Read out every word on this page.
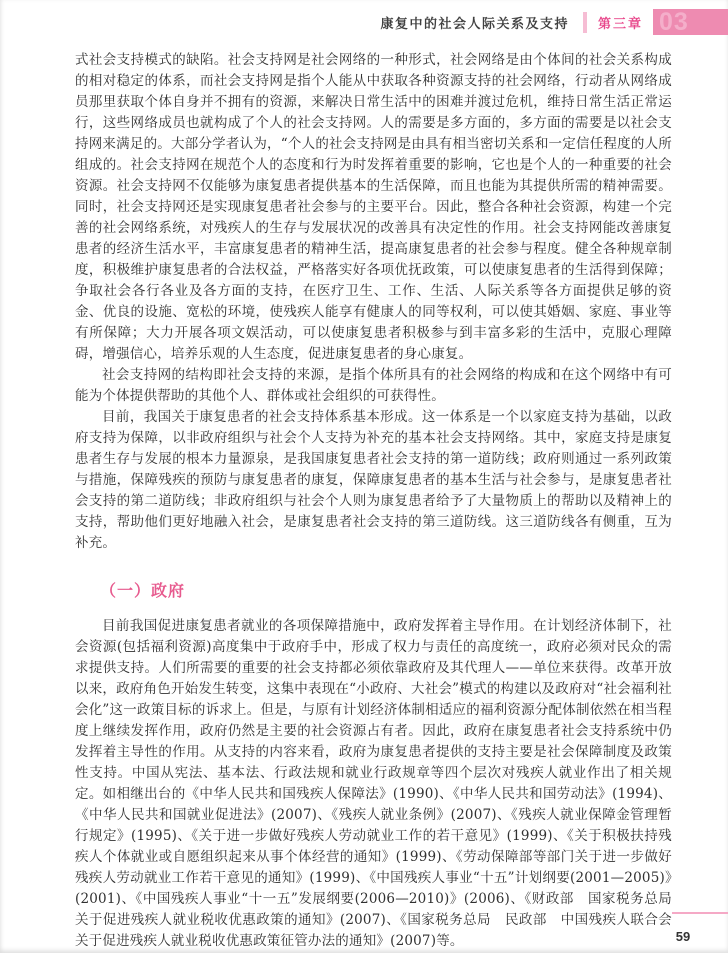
康复中的社会人际关系及支持 第三章 03

式社会支持模式的缺陷。社会支持网是社会网络的一种形式，社会网络是由个体间的社会关系构成的相对稳定的体系，而社会支持网是指个人能从中获取各种资源支持的社会网络，行动者从网络成员那里获取个体自身并不拥有的资源，来解决日常生活中的困难并渡过危机，维持日常生活正常运行，这些网络成员也就构成了个人的社会支持网。人的需要是多方面的，多方面的需要是以社会支持网来满足的。大部分学者认为，“个人的社会支持网是由具有相当密切关系和一定信任程度的人所组成的。社会支持网在规范个人的态度和行为时发挥着重要的影响，它也是个人的一种重要的社会资源。社会支持网不仅能够为康复患者提供基本的生活保障，而且也能为其提供所需的精神需要。同时，社会支持网还是实现康复患者社会参与的主要平台。因此，整合各种社会资源，构建一个完善的社会网络系统，对残疾人的生存与发展状况的改善具有决定性的作用。社会支持网能改善康复患者的经济生活水平，丰富康复患者的精神生活，提高康复患者的社会参与程度。健全各种规章制度，积极维护康复患者的合法权益，严格落实好各项优抚政策，可以使康复患者的生活得到保障；争取社会各行各业及各方面的支持，在医疗卫生、工作、生活、人际关系等各方面提供足够的资金、优良的设施、宽松的环境，使残疾人能享有健康人的同等权利，可以使其婚姻、家庭、事业等有所保障；大力开展各项文娱活动，可以使康复患者积极参与到丰富多彩的生活中，克服心理障碍，增强信心，培养乐观的人生态度，促进康复患者的身心康复。

社会支持网的结构即社会支持的来源，是指个体所具有的社会网络的构成和在这个网络中有可能为个体提供帮助的其他个人、群体或社会组织的可获得性。

目前，我国关于康复患者的社会支持体系基本形成。这一体系是一个以家庭支持为基础，以政府支持为保障，以非政府组织与社会个人支持为补充的基本社会支持网络。其中，家庭支持是康复患者生存与发展的根本力量源泉，是我国康复患者社会支持的第一道防线；政府则通过一系列政策与措施，保障残疾的预防与康复患者的康复，保障康复患者的基本生活与社会参与，是康复患者社会支持的第二道防线；非政府组织与社会个人则为康复患者给予了大量物质上的帮助以及精神上的支持，帮助他们更好地融入社会，是康复患者社会支持的第三道防线。这三道防线各有侧重，互为补充。

（一）政府

目前我国促进康复患者就业的各项保障措施中，政府发挥着主导作用。在计划经济体制下，社会资源(包括福利资源)高度集中于政府手中，形成了权力与责任的高度统一，政府必须对民众的需求提供支持。人们所需要的重要的社会支持都必须依靠政府及其代理人——单位来获得。改革开放以来，政府角色开始发生转变，这集中表现在“小政府、大社会”模式的构建以及政府对“社会福利社会化”这一政策目标的诉求上。但是，与原有计划经济体制相适应的福利资源分配体制依然在相当程度上继续发挥作用，政府仍然是主要的社会资源占有者。因此，政府在康复患者社会支持系统中仍发挥着主导性的作用。从支持的内容来看，政府为康复患者提供的支持主要是社会保障制度及政策性支持。中国从宪法、基本法、行政法规和就业行政规章等四个层次对残疾人就业作出了相关规定。如相继出台的《中华人民共和国残疾人保障法》(1990)、《中华人民共和国劳动法》(1994)、《中华人民共和国就业促进法》(2007)、《残疾人就业条例》(2007)、《残疾人就业保障金管理暂行规定》(1995)、《关于进一步做好残疾人劳动就业工作的若干意见》(1999)、《关于积极扶持残疾人个体就业或自愿组织起来从事个体经营的通知》(1999)、《劳动保障部等部门关于进一步做好残疾人劳动就业工作若干意见的通知》(1999)、《中国残疾人事业“十五”计划纲要(2001—2005)》(2001)、《中国残疾人事业“十一五”发展纲要(2006—2010)》(2006)、《财政部　国家税务总局关于促进残疾人就业税收优惠政策的通知》(2007)、《国家税务总局　民政部　中国残疾人联合会关于促进残疾人就业税收优惠政策征管办法的通知》(2007)等。	59
